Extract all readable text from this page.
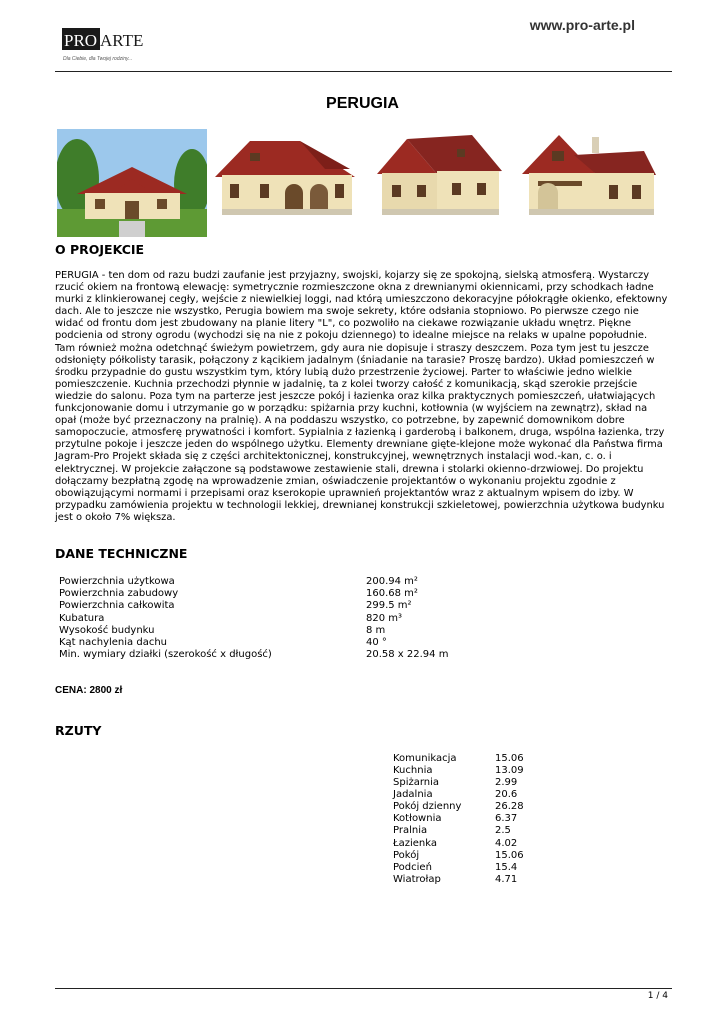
www.pro-arte.pl
PRO ARTE
Dla Ciebie, dla Twojej rodziny...
PERUGIA
O PROJEKCIE
PERUGIA - ten dom od razu budzi zaufanie jest przyjazny, swojski, kojarzy się ze spokojną, sielską atmosferą. Wystarczy rzucić okiem na frontową elewację: symetrycznie rozmieszczone okna z drewnianymi okiennicami, przy schodkach ładne murki z klinkierowanej cegły, wejście z niewielkiej loggi, nad którą umieszczono dekoracyjne półokrągłe okienko, efektowny dach. Ale to jeszcze nie wszystko, Perugia bowiem ma swoje sekrety, które odsłania stopniowo. Po pierwsze czego nie widać od frontu dom jest zbudowany na planie litery "L", co pozwoliło na ciekawe rozwiązanie układu wnętrz. Piękne podcienia od strony ogrodu (wychodzi się na nie z pokoju dziennego) to idealne miejsce na relaks w upalne popołudnie. Tam również można odetchnąć świeżym powietrzem, gdy aura nie dopisuje i straszy deszczem. Poza tym jest tu jeszcze odsłonięty półkolisty tarasik, połączony z kącikiem jadalnym (śniadanie na tarasie? Proszę bardzo). Układ pomieszczeń w środku przypadnie do gustu wszystkim tym, który lubią dużo przestrzenie życiowej. Parter to właściwie jedno wielkie pomieszczenie. Kuchnia przechodzi płynnie w jadalnię, ta z kolei tworzy całość z komunikacją, skąd szerokie przejście wiedzie do salonu. Poza tym na parterze jest jeszcze pokój i łazienka oraz kilka praktycznych pomieszczeń, ułatwiających funkcjonowanie domu i utrzymanie go w porządku: spiżarnia przy kuchni, kotłownia (w wyjściem na zewnątrz), skład na opał (może być przeznaczony na pralnię). A na poddaszu wszystko, co potrzebne, by zapewnić domownikom dobre samopoczucie, atmosferę prywatności i komfort. Sypialnia z łazienką i garderobą i balkonem, druga, wspólna łazienka, trzy przytulne pokoje i jeszcze jeden do wspólnego użytku. Elementy drewniane gięte-klejone może wykonać dla Państwa firma Jagram-Pro Projekt składa się z części architektonicznej, konstrukcyjnej, wewnętrznych instalacji wod.-kan, c. o. i elektrycznej. W projekcie załączone są podstawowe zestawienie stali, drewna i stolarki okienno-drzwiowej. Do projektu dołączamy bezpłatną zgodę na wprowadzenie zmian, oświadczenie projektantów o wykonaniu projektu zgodnie z obowiązującymi normami i przepisami oraz kserokopie uprawnień projektantów wraz z aktualnym wpisem do izby. W przypadku zamówienia projektu w technologii lekkiej, drewnianej konstrukcji szkieletowej, powierzchnia użytkowa budynku jest o około 7% większa.
DANE TECHNICZNE
Powierzchnia użytkowa	200.94 m²
Powierzchnia zabudowy	160.68 m²
Powierzchnia całkowita	299.5 m²
Kubatura	820 m³
Wysokość budynku	8 m
Kąt nachylenia dachu	40 °
Min. wymiary działki (szerokość x długość)	20.58 x 22.94 m
CENA: 2800 zł
RZUTY
Komunikacja	15.06
Kuchnia	13.09
Spiżarnia	2.99
Jadalnia	20.6
Pokój dzienny	26.28
Kotłownia	6.37
Pralnia	2.5
Łazienka	4.02
Pokój	15.06
Podcień	15.4
Wiatrołap	4.71
1 / 4
